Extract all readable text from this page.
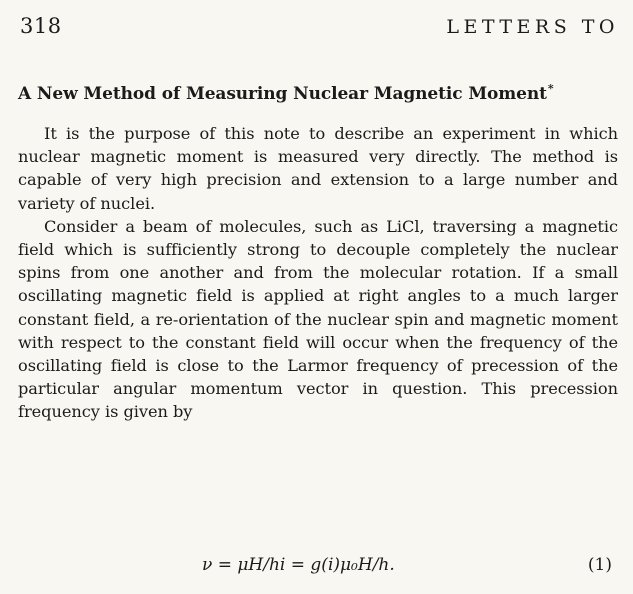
318	LETTERS TO
A New Method of Measuring Nuclear Magnetic Moment*

It is the purpose of this note to describe an experiment in which nuclear magnetic moment is measured very directly. The method is capable of very high precision and extension to a large number and variety of nuclei.

Consider a beam of molecules, such as LiCl, traversing a magnetic field which is sufficiently strong to decouple completely the nuclear spins from one another and from the molecular rotation. If a small oscillating magnetic field is applied at right angles to a much larger constant field, a re-orientation of the nuclear spin and magnetic moment with respect to the constant field will occur when the frequency of the oscillating field is close to the Larmor frequency of precession of the particular angular momentum vector in question. This precession frequency is given by

ν = μH/hi = g(i)μ₀H/h.	(1)
